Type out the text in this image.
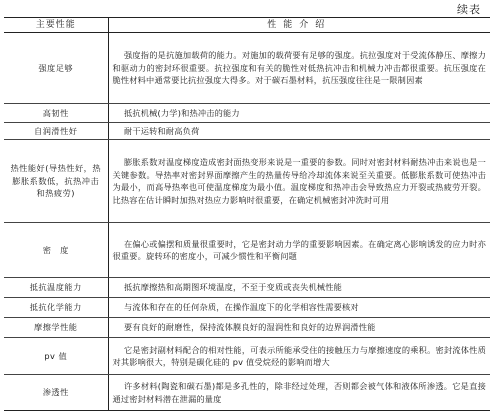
续表
主要性能	性能介绍
强度足够	强度指的是抗施加载荷的能力。对施加的载荷要有足够的强度。抗拉强度对于受流体静压、摩擦力和驱动力的密封环很重要。抗拉强度和有关的脆性对低热抗冲击和机械力冲击都很重要。抗压强度在脆性材料中通常要比抗拉强度大得多。对于碳石墨材料，抗压强度往往是一限制因素
高韧性	抵抗机械(力学)和热冲击的能力
自润滑性好	耐干运转和耐高负荷
热性能好(导热性好，热膨胀系数低，抗热冲击和热疲劳)	膨胀系数对温度梯度造成密封面热变形来说是一重要的参数。同时对密封材料耐热冲击来说也是一关键参数。导热率对密封界面摩擦产生的热量传导给冷却流体来说至关重要。低膨胀系数可使热冲击为最小，而高导热率也可使温度梯度为最小值。温度梯度和热冲击会导致热应力开裂或热疲劳开裂。比热容在估计瞬时加热对热应力影响时很重要，在确定机械密封冲洗时可用
密　度	在偏心或偏摆和质量很重要时，它是密封动力学的重要影响因素。在确定离心影响诱发的应力时亦很重要。旋转环的密度小，可减少惯性和平衡问题
抵抗温度能力	抵抗摩擦热和高期图环境温度，不至于变质或丧失机械性能
抵抗化学能力	与流体和存在的任何杂质，在操作温度下的化学相容性需要核对
摩擦学性能	要有良好的耐磨性，保持流体膜良好的湿润性和良好的边界润滑性能
pv 值	它是密封副材料配合的相对性能，可表示所能承受住的接触压力与摩擦速度的乘积。密封流体性质对其影响很大，特别是碳化硅的 pv 值受烷烃的影响而增大
渗透性	许多材料(陶瓷和碳石墨)都是多孔性的，除非经过处理，否则都会被气体和液体所渗透。它是直接通过密封材料潜在泄漏的量度
